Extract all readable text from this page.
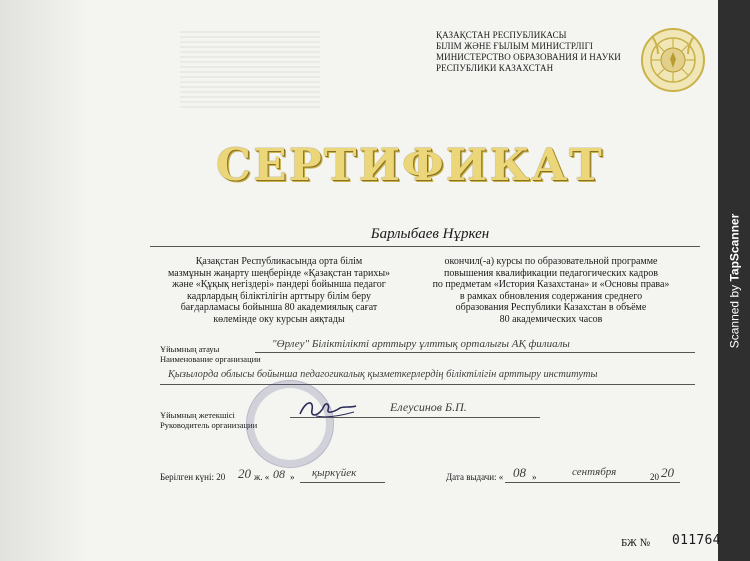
ҚАЗАҚСТАН РЕСПУБЛИКАСЫ
БІЛІМ ЖӘНЕ ҒЫЛЫМ МИНИСТРЛІГІ
МИНИСТЕРСТВО ОБРАЗОВАНИЯ И НАУКИ
РЕСПУБЛИКИ КАЗАХСТАН
Scanned by TapScanner
СЕРТИФИКАТ
Барлыбаев Нұркен
Қазақстан Республикасында орта білім
мазмұнын жаңарту шеңберінде «Қазақстан тарихы»
және «Құқық негіздері» пәндері бойынша педагог
кадрлардың біліктілігін арттыру білім беру
бағдарламасы бойынша 80 академиялық сағат
көлемінде оку курсын аяқтады
окончил(-а) курсы по образовательной программе
повышения квалификации педагогических кадров
по предметам «История Казахстана» и «Основы права»
в рамках обновления содержания среднего
образования Республики Казахстан в объёме
80 академических часов
Ұйымның атауы
Наименование организации
"Өрлеу" Біліктілікті арттыру ұлттық орталығы АҚ филиалы
Қызылорда облысы бойынша педагогикалық қызметкерлердің біліктілігін арттыру институты
Ұйымның жетекшісі
Руководитель организации
Елеусинов Б.П.
Берілген күні: 20 20 ж. « 08 » қыркүйек	Дата выдачи: « 08 »	сентября	20 20
БЖ № 011764
